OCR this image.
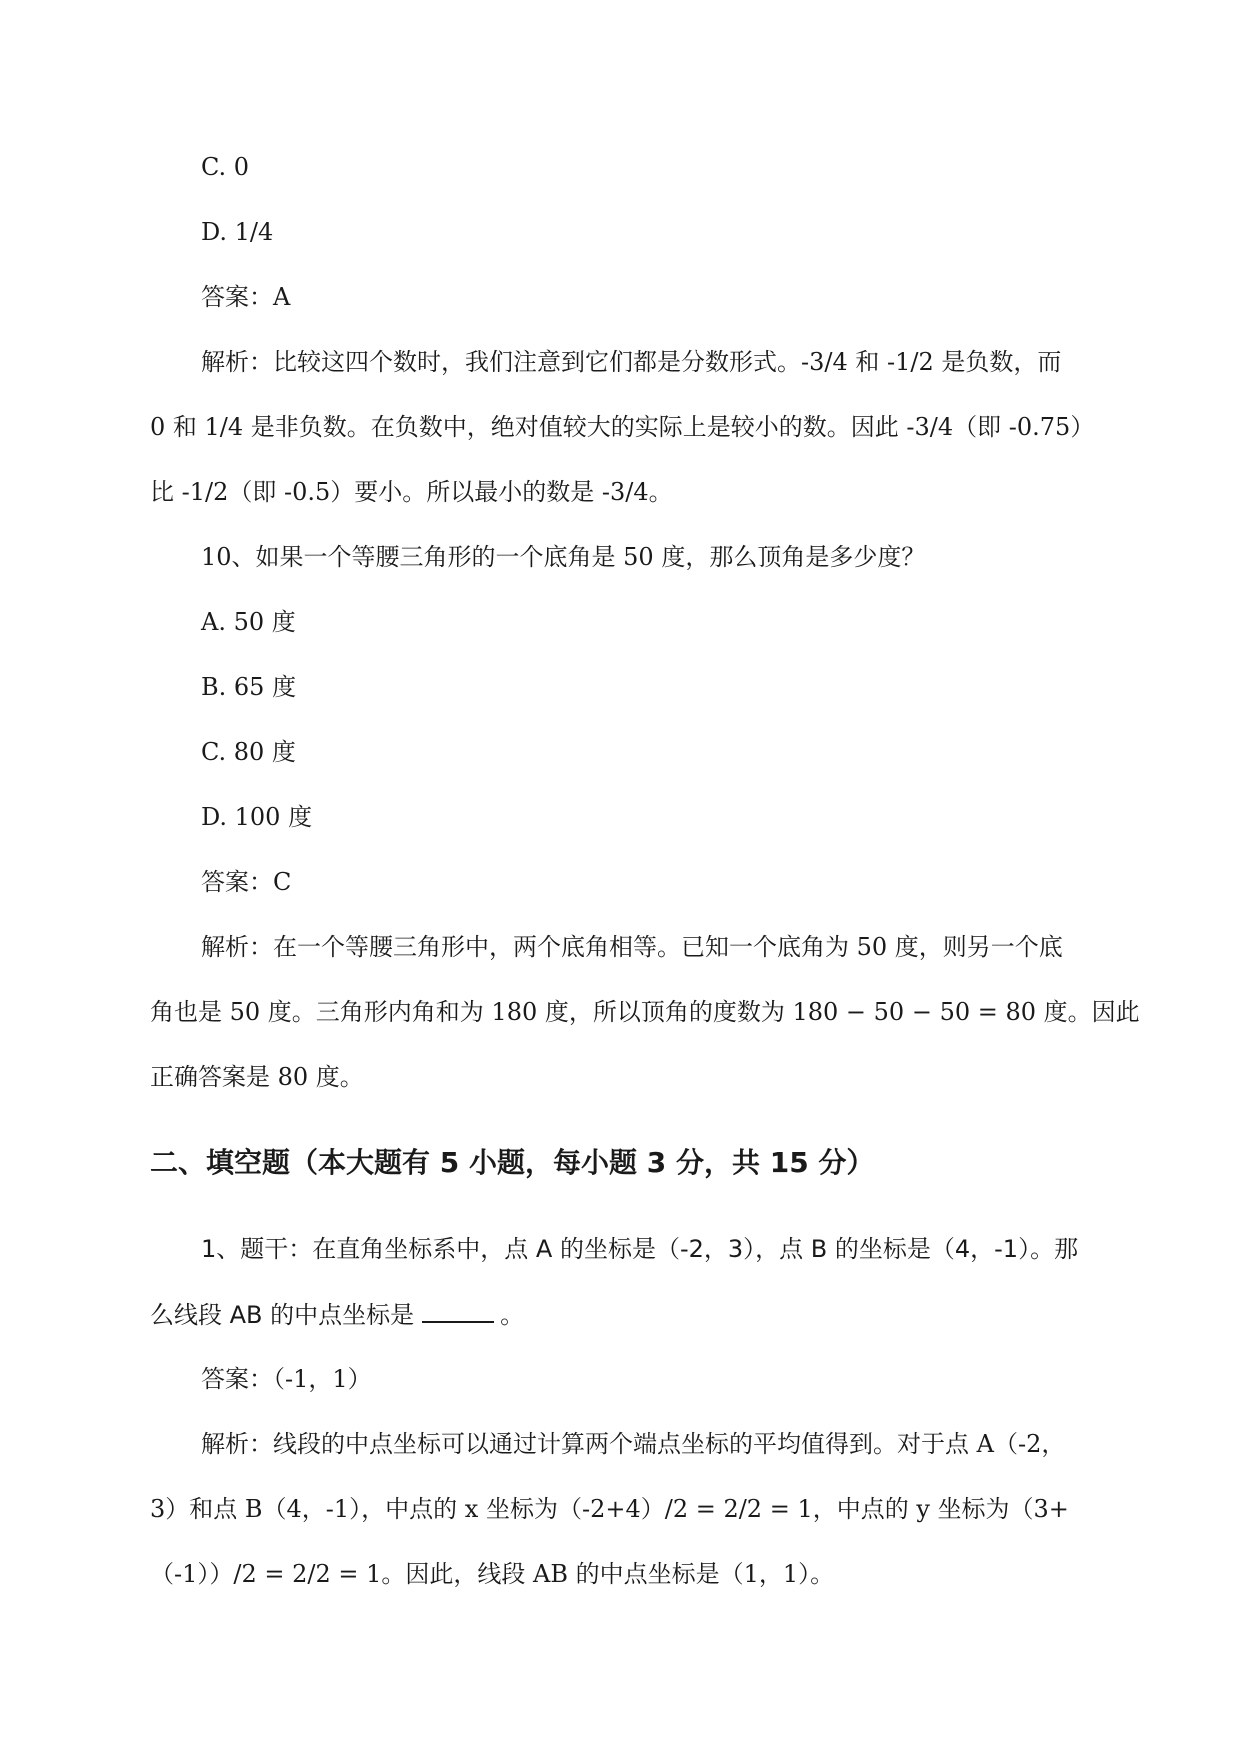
C. 0
D. 1/4
答案：A
解析：比较这四个数时，我们注意到它们都是分数形式。-3/4 和 -1/2 是负数，而
0 和 1/4 是非负数。在负数中，绝对值较大的实际上是较小的数。因此 -3/4（即 -0.75）
比 -1/2（即 -0.5）要小。所以最小的数是 -3/4。
10、如果一个等腰三角形的一个底角是 50 度，那么顶角是多少度？
A. 50 度
B. 65 度
C. 80 度
D. 100 度
答案：C
解析：在一个等腰三角形中，两个底角相等。已知一个底角为 50 度，则另一个底
角也是 50 度。三角形内角和为 180 度，所以顶角的度数为 180 − 50 − 50 = 80 度。因此
正确答案是 80 度。
二、填空题（本大题有 5 小题，每小题 3 分，共 15 分）
1、题干：在直角坐标系中，点 A 的坐标是（-2，3），点 B 的坐标是（4，-1）。那
么线段 AB 的中点坐标是	。
答案：（-1，1）
解析：线段的中点坐标可以通过计算两个端点坐标的平均值得到。对于点 A（-2，
3）和点 B（4，-1），中点的 x 坐标为（-2+4）/2 = 2/2 = 1，中点的 y 坐标为（3+
（-1））/2 = 2/2 = 1。因此，线段 AB 的中点坐标是（1，1）。
